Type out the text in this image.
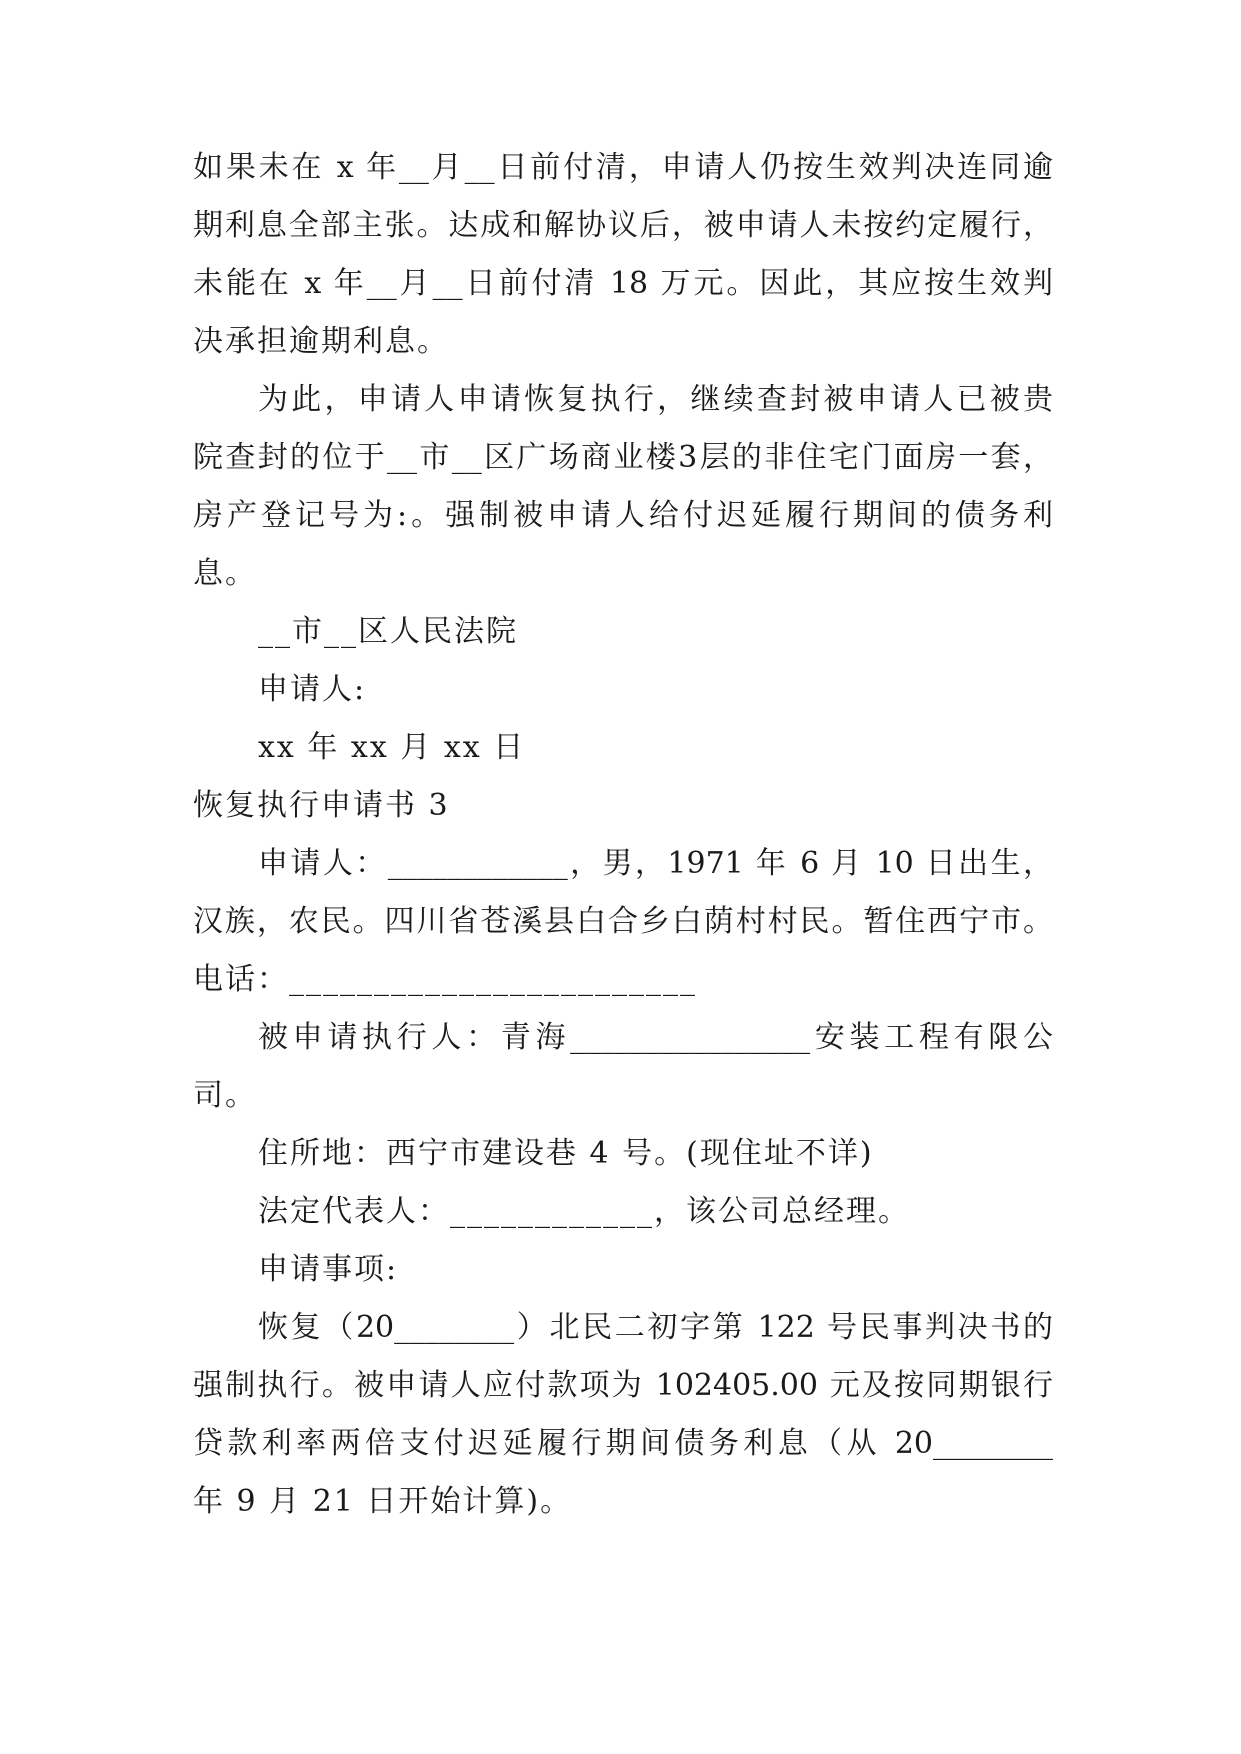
如果未在 x 年__月__日前付清，申请人仍按生效判决连同逾
期利息全部主张。达成和解协议后，被申请人未按约定履行，
未能在 x 年__月__日前付清 18 万元。因此，其应按生效判
决承担逾期利息。
为此，申请人申请恢复执行，继续查封被申请人已被贵
院查封的位于__市__区广场商业楼3层的非住宅门面房一套，
房产登记号为:。强制被申请人给付迟延履行期间的债务利
息。
__市__区人民法院
申请人:
xx 年 xx 月 xx 日
恢复执行申请书 3
申请人：____________，男，1971 年 6 月 10 日出生，
汉族，农民。四川省苍溪县白合乡白荫村村民。暂住西宁市。
电话：________________________
被申请执行人：青海________________安装工程有限公
司。
住所地：西宁市建设巷 4 号。(现住址不详)
法定代表人：____________，该公司总经理。
申请事项:
恢复（20________）北民二初字第 122 号民事判决书的
强制执行。被申请人应付款项为 102405.00 元及按同期银行
贷款利率两倍支付迟延履行期间债务利息（从 20________
年 9 月 21 日开始计算)。
